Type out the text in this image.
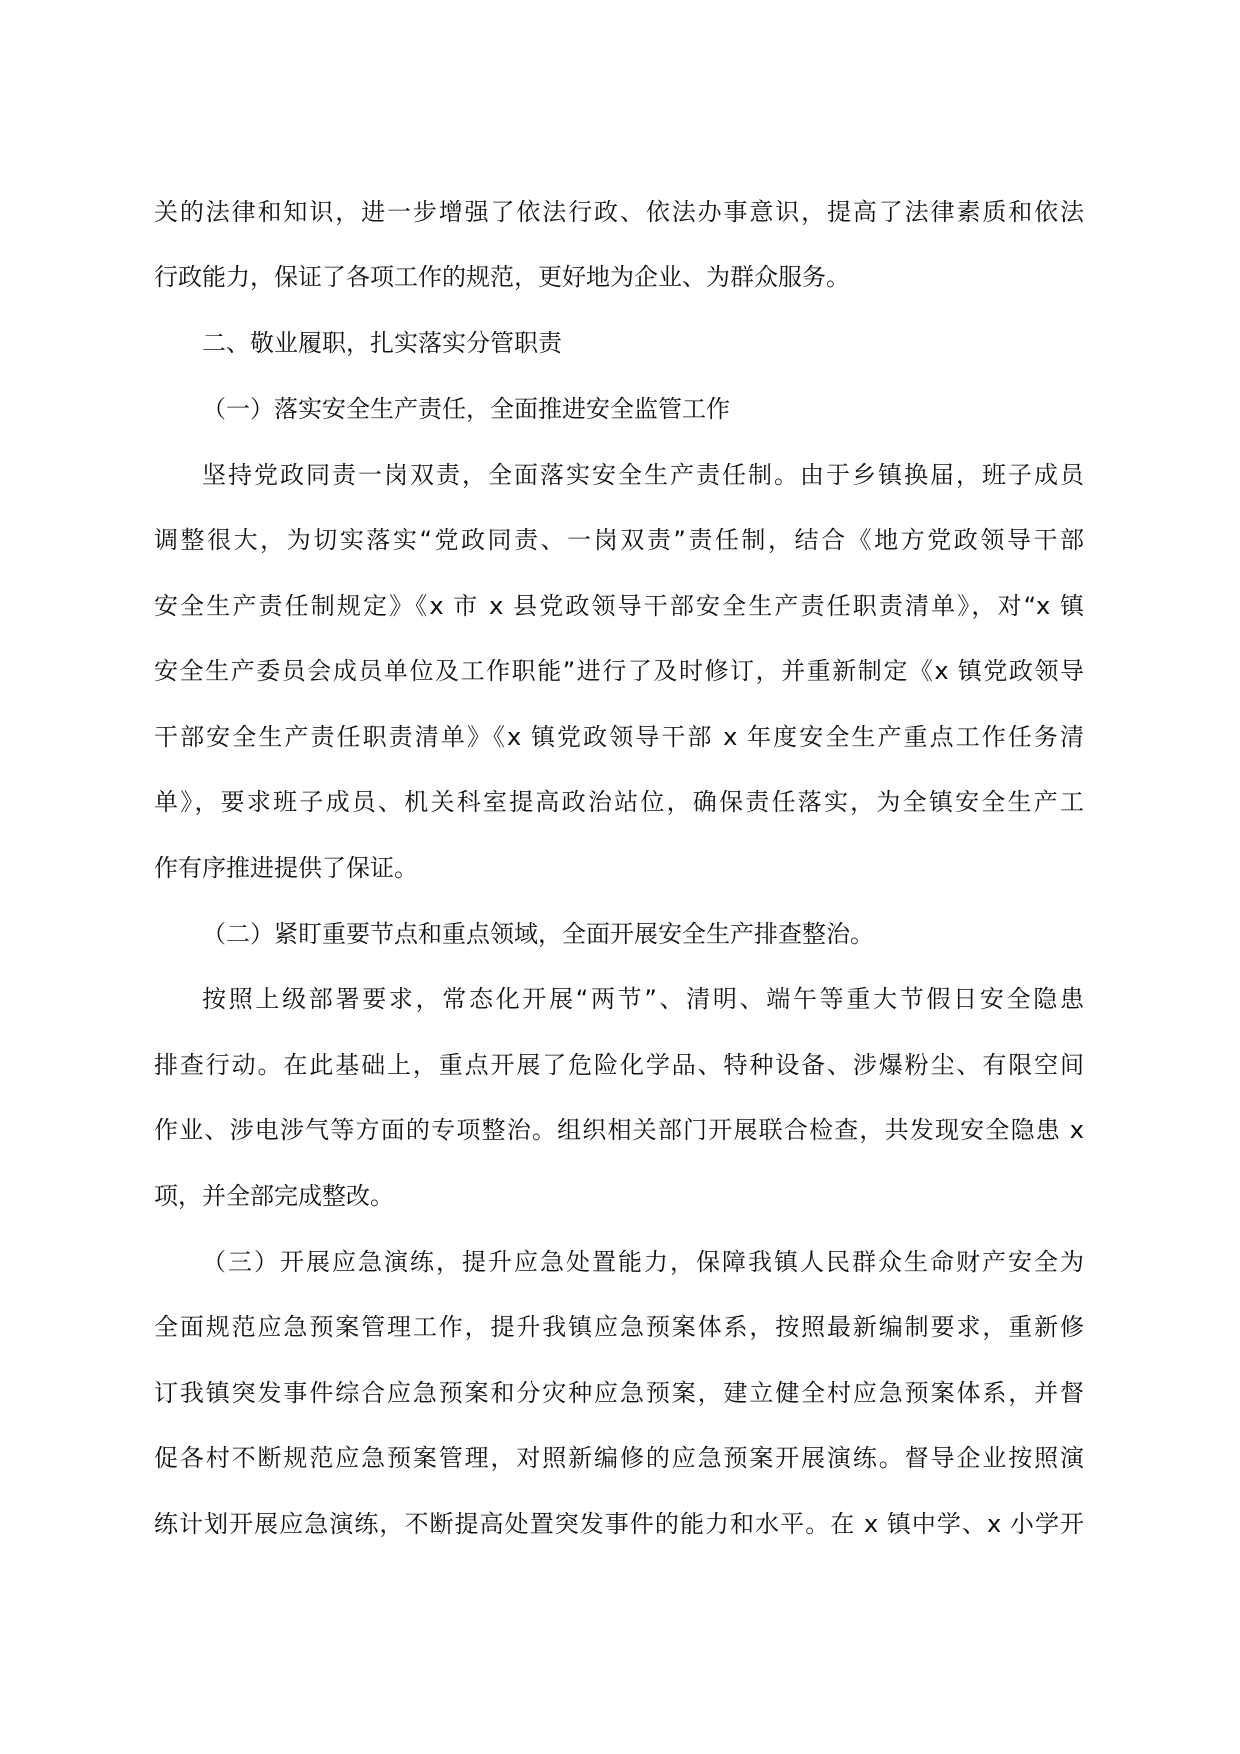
关的法律和知识，进一步增强了依法行政、依法办事意识，提高了法律素质和依法
行政能力，保证了各项工作的规范，更好地为企业、为群众服务。
二、敬业履职，扎实落实分管职责
（一）落实安全生产责任，全面推进安全监管工作
坚持党政同责一岗双责，全面落实安全生产责任制。由于乡镇换届，班子成员
调整很大，为切实落实“党政同责、一岗双责”责任制，结合《地方党政领导干部
安全生产责任制规定》《x 市 x 县党政领导干部安全生产责任职责清单》，对“x 镇
安全生产委员会成员单位及工作职能”进行了及时修订，并重新制定《x 镇党政领导
干部安全生产责任职责清单》《x 镇党政领导干部 x 年度安全生产重点工作任务清
单》，要求班子成员、机关科室提高政治站位，确保责任落实，为全镇安全生产工
作有序推进提供了保证。
（二）紧盯重要节点和重点领域，全面开展安全生产排查整治。
按照上级部署要求，常态化开展“两节”、清明、端午等重大节假日安全隐患
排查行动。在此基础上，重点开展了危险化学品、特种设备、涉爆粉尘、有限空间
作业、涉电涉气等方面的专项整治。组织相关部门开展联合检查，共发现安全隐患 x
项，并全部完成整改。
（三）开展应急演练，提升应急处置能力，保障我镇人民群众生命财产安全为
全面规范应急预案管理工作，提升我镇应急预案体系，按照最新编制要求，重新修
订我镇突发事件综合应急预案和分灾种应急预案，建立健全村应急预案体系，并督
促各村不断规范应急预案管理，对照新编修的应急预案开展演练。督导企业按照演
练计划开展应急演练，不断提高处置突发事件的能力和水平。在 x 镇中学、x 小学开
